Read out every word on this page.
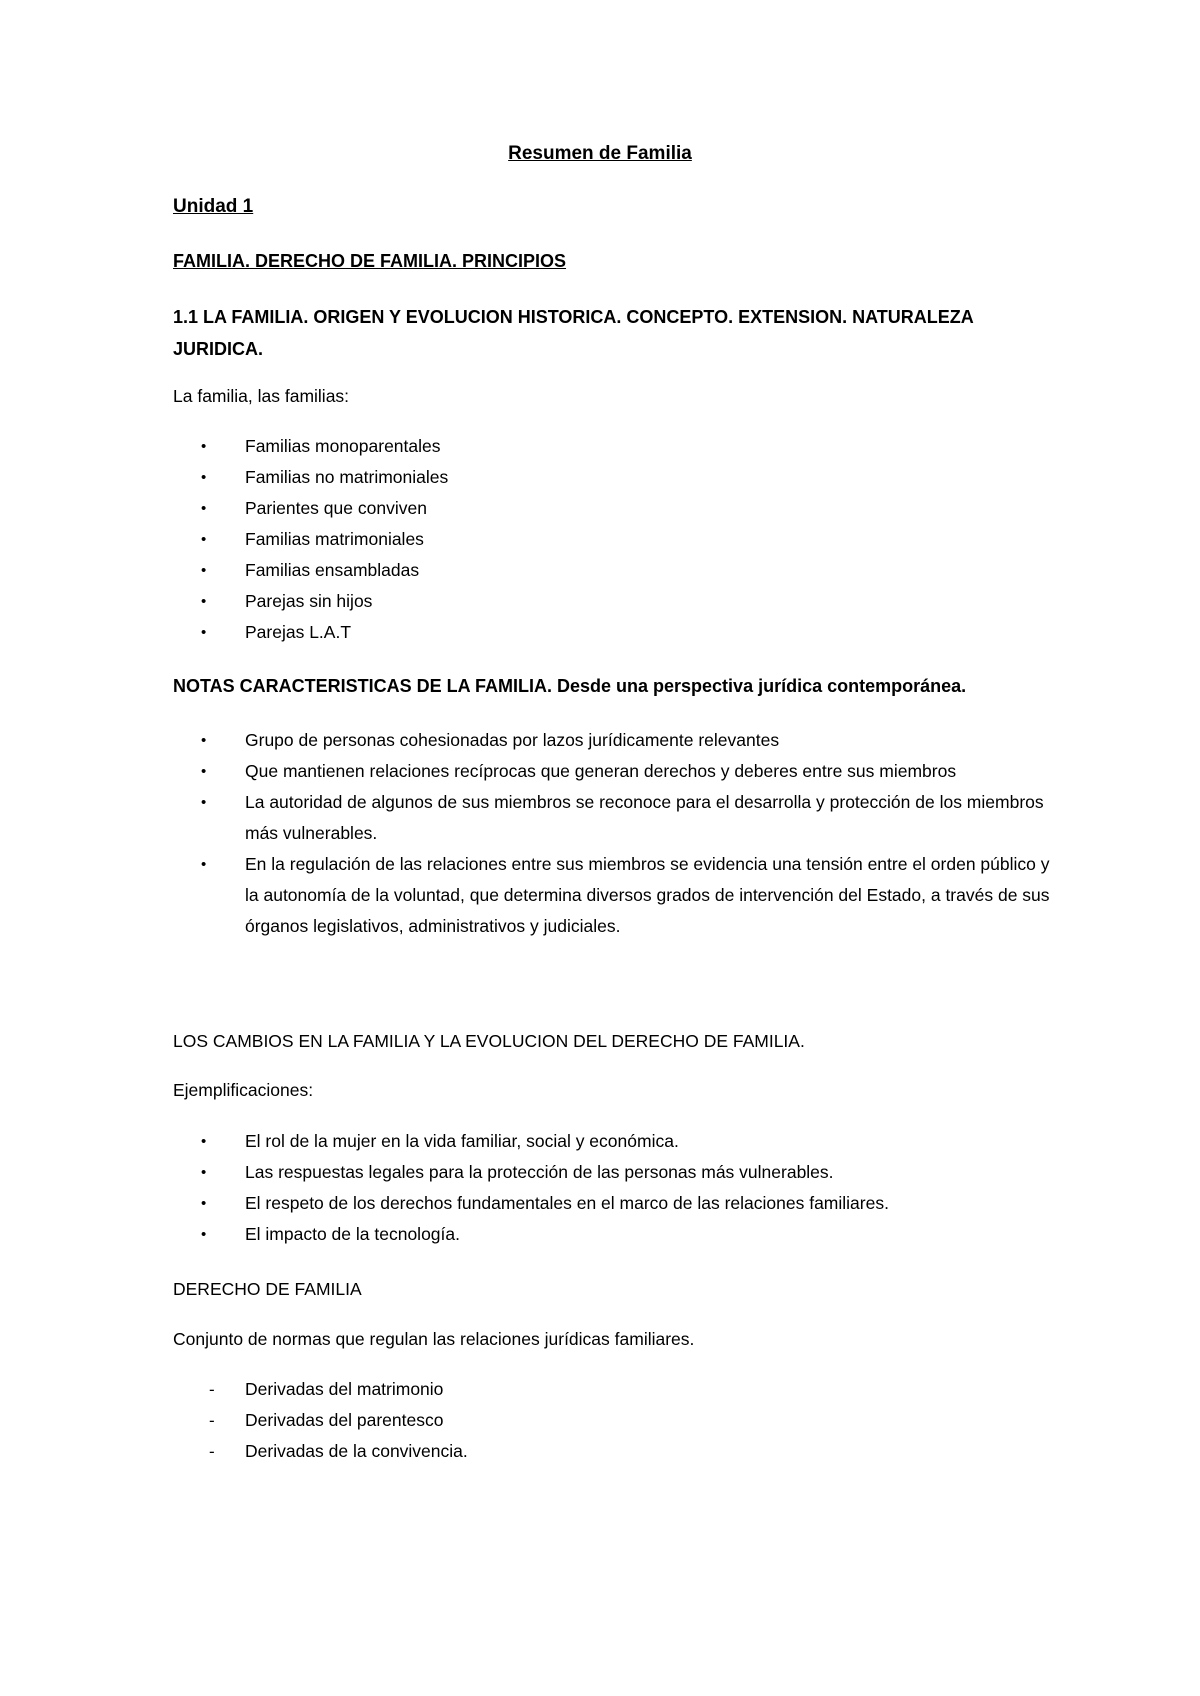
Resumen de Familia

Unidad 1

FAMILIA. DERECHO DE FAMILIA. PRINCIPIOS

1.1 LA FAMILIA. ORIGEN Y EVOLUCION HISTORICA. CONCEPTO. EXTENSION. NATURALEZA JURIDICA.

La familia, las familias:

• Familias monoparentales
• Familias no matrimoniales
• Parientes que conviven
• Familias matrimoniales
• Familias ensambladas
• Parejas sin hijos
• Parejas L.A.T

NOTAS CARACTERISTICAS DE LA FAMILIA. Desde una perspectiva jurídica contemporánea.

• Grupo de personas cohesionadas por lazos jurídicamente relevantes
• Que mantienen relaciones recíprocas que generan derechos y deberes entre sus miembros
• La autoridad de algunos de sus miembros se reconoce para el desarrolla y protección de los miembros más vulnerables.
• En la regulación de las relaciones entre sus miembros se evidencia una tensión entre el orden público y la autonomía de la voluntad, que determina diversos grados de intervención del Estado, a través de sus órganos legislativos, administrativos y judiciales.

LOS CAMBIOS EN LA FAMILIA Y LA EVOLUCION DEL DERECHO DE FAMILIA.

Ejemplificaciones:

• El rol de la mujer en la vida familiar, social y económica.
• Las respuestas legales para la protección de las personas más vulnerables.
• El respeto de los derechos fundamentales en el marco de las relaciones familiares.
• El impacto de la tecnología.

DERECHO DE FAMILIA

Conjunto de normas que regulan las relaciones jurídicas familiares.

- Derivadas del matrimonio
- Derivadas del parentesco
- Derivadas de la convivencia.
